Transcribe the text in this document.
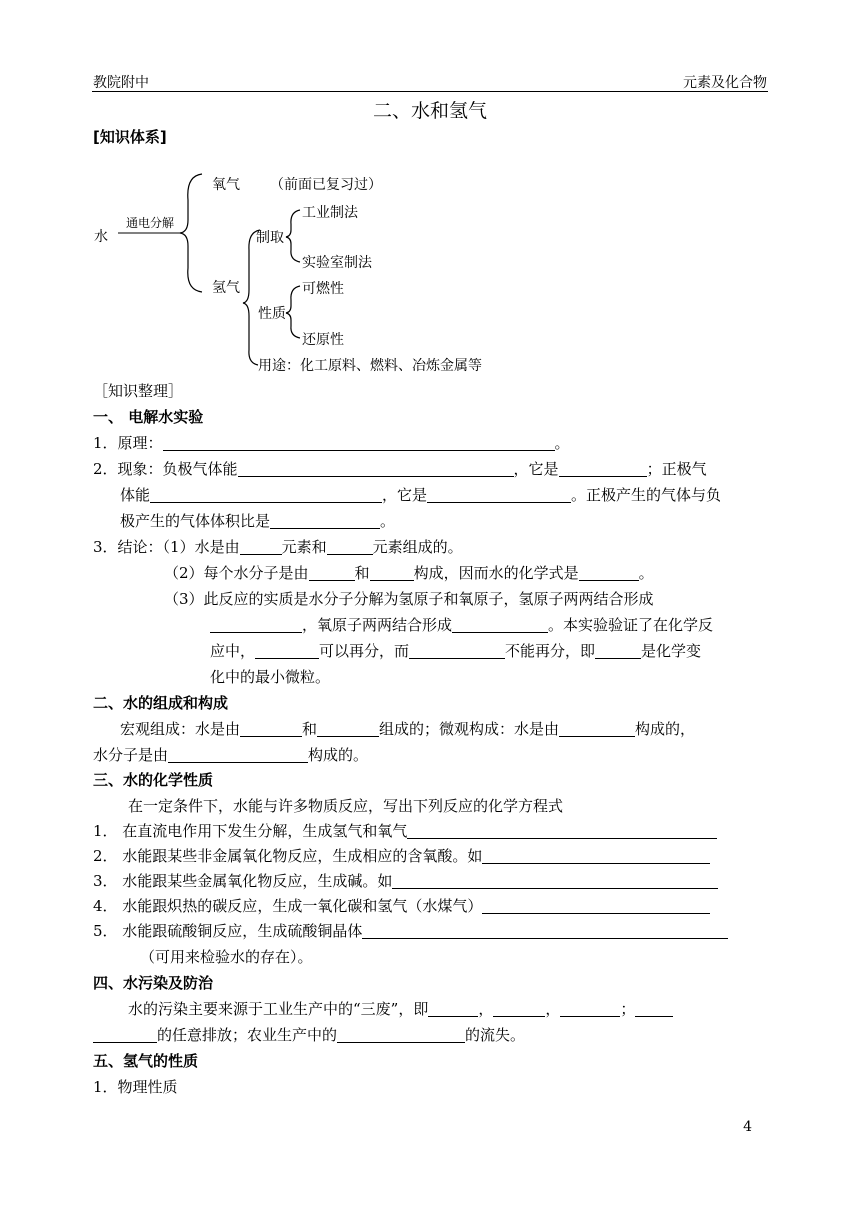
教院附中	元素及化合物
二、水和氢气
[知识体系]
水
通电分解
氧气 （前面已复习过）
氢气
制取
工业制法
实验室制法
性质
可燃性
还原性
用途：化工原料、燃料、冶炼金属等
［知识整理］
一、 电解水实验
1．原理：	。
2．现象：负极气体能	，它是	；正极气
体能	，它是	。正极产生的气体与负
极产生的气体体积比是	。
3．结论：（1）水是由	元素和	元素组成的。
（2）每个水分子是由	和	构成，因而水的化学式是	。
（3）此反应的实质是水分子分解为氢原子和氧原子，氢原子两两结合形成
，氧原子两两结合形成	。本实验验证了在化学反
应中，	可以再分，而	不能再分，即	是化学变
化中的最小微粒。
二、水的组成和构成
宏观组成：水是由	和	组成的；微观构成：水是由	构成的，
水分子是由	构成的。
三、水的化学性质
在一定条件下，水能与许多物质反应，写出下列反应的化学方程式
1． 在直流电作用下发生分解，生成氢气和氧气
2． 水能跟某些非金属氧化物反应，生成相应的含氧酸。如
3． 水能跟某些金属氧化物反应，生成碱。如
4． 水能跟炽热的碳反应，生成一氧化碳和氢气（水煤气）
5． 水能跟硫酸铜反应，生成硫酸铜晶体
（可用来检验水的存在）。
四、水污染及防治
水的污染主要来源于工业生产中的“三废”，即	，	，	；
的任意排放；农业生产中的	的流失。
五、氢气的性质
1．物理性质
4
